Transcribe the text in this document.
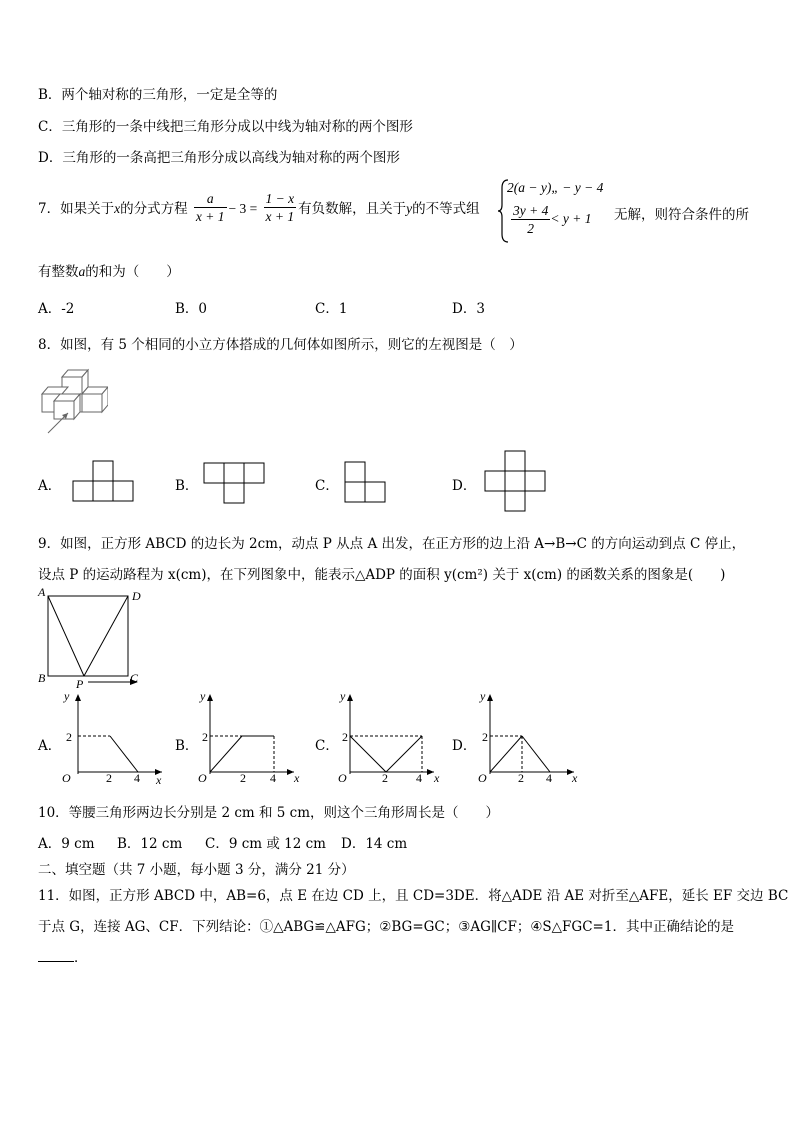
B．两个轴对称的三角形，一定是全等的
C．三角形的一条中线把三角形分成以中线为轴对称的两个图形
D．三角形的一条高把三角形分成以高线为轴对称的两个图形
7．如果关于x的分式方程 $\frac{a}{x + 1} - 3 = \frac{1 - x}{x + 1}$ 有负数解，且关于y的不等式组
2(a − y)„ − y − 4
$\frac{3y + 4}{2} < y + 1$ 无解，则符合条件的所
有整数a的和为（　　）
A．-2	B．0	C．1	D．3
8．如图，有 5 个相同的小立方体搭成的几何体如图所示，则它的左视图是（　）
A．	B．	C．	D．
9．如图，正方形 ABCD 的边长为 2cm，动点 P 从点 A 出发，在正方形的边上沿 A→B→C 的方向运动到点 C 停止，
设点 P 的运动路程为 x(cm)，在下列图象中，能表示△ADP 的面积 y(cm²) 关于 x(cm) 的函数关系的图象是(　　)
A	D
B	C
P
A．
y
x
O
2
2 4
B．
y
x
O
2
2 4
C．
y
x
O
2
2 4
D．
y
x
O
2
2 4
10．等腰三角形两边长分别是 2 cm 和 5 cm，则这个三角形周长是（　　）
A．9 cm B．12 cm C．9 cm 或 12 cm D．14 cm
二、填空题（共 7 小题，每小题 3 分，满分 21 分）
11．如图，正方形 ABCD 中，AB=6，点 E 在边 CD 上，且 CD=3DE．将△ADE 沿 AE 对折至△AFE，延长 EF 交边 BC
于点 G，连接 AG、CF．下列结论：①△ABG≌△AFG；②BG=GC；③AG∥CF；④S△FGC=1．其中正确结论的是
．
